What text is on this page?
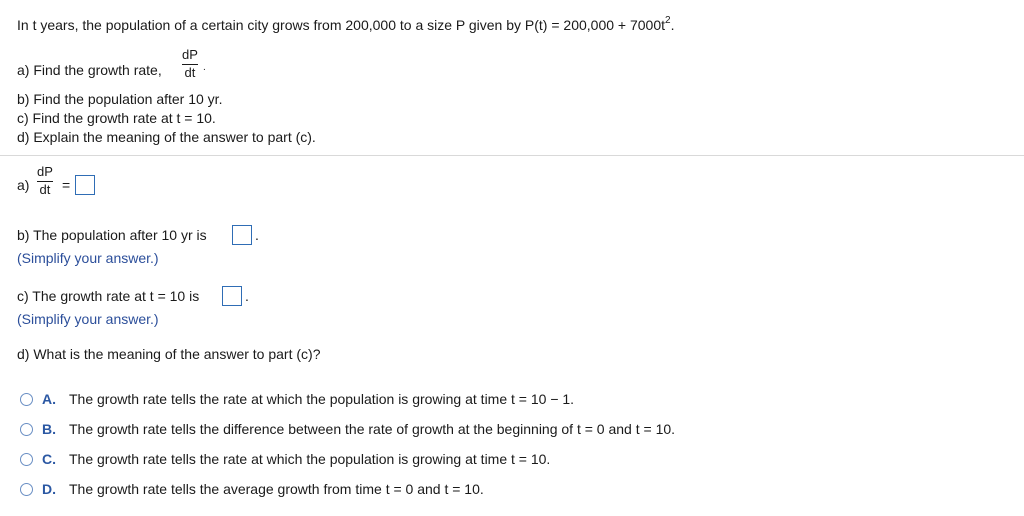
In t years, the population of a certain city grows from 200,000 to a size P given by $P(t) = 200,000 + 7000t^2$.
a) Find the growth rate,
dP
dt .
b) Find the population after 10 yr.
c) Find the growth rate at t = 10.
d) Explain the meaning of the answer to part (c).
a)
dP
dt =
b) The population after 10 yr is	.
(Simplify your answer.)
c) The growth rate at t = 10 is	.
(Simplify your answer.)
d) What is the meaning of the answer to part (c)?
A. The growth rate tells the rate at which the population is growing at time t = 10 − 1.
B. The growth rate tells the difference between the rate of growth at the beginning of t = 0 and t = 10.
C. The growth rate tells the rate at which the population is growing at time t = 10.
D. The growth rate tells the average growth from time t = 0 and t = 10.
